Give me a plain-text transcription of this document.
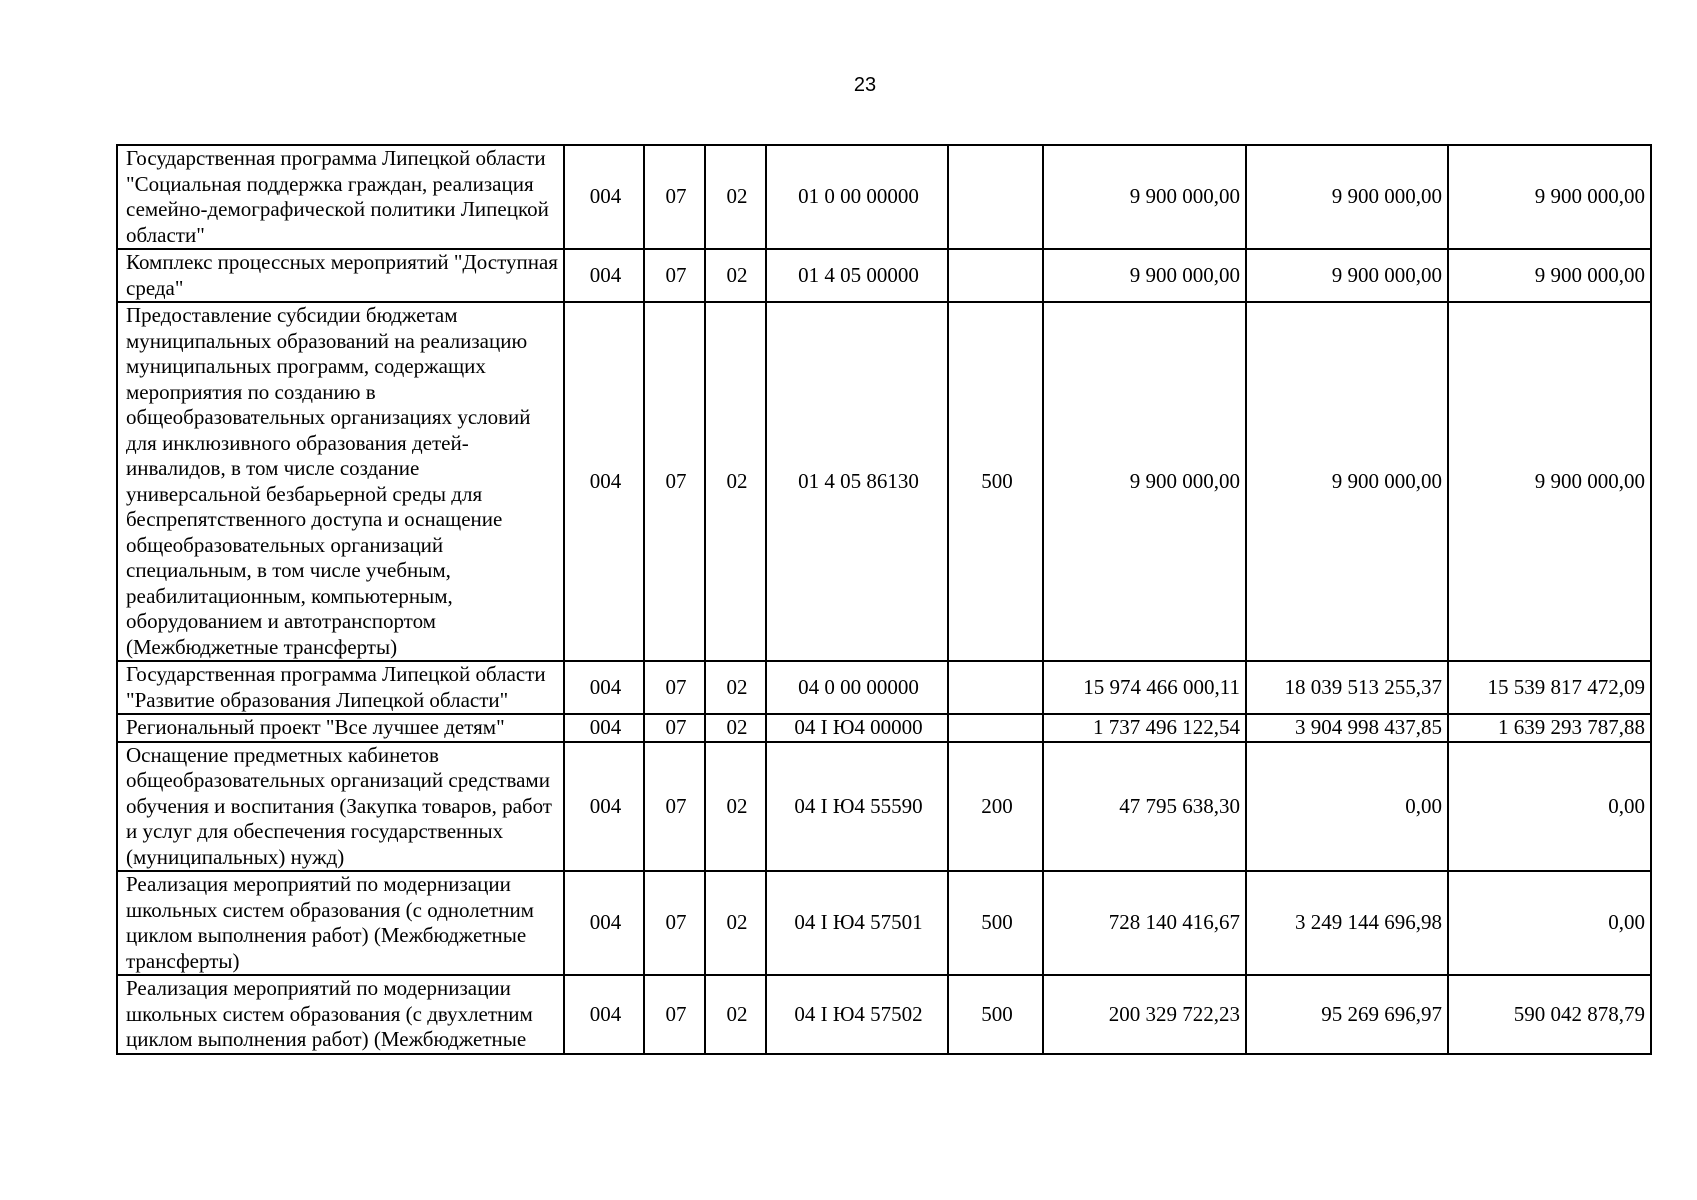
23
Государственная программа Липецкой области "Социальная поддержка граждан, реализация семейно-демографической политики Липецкой области"	004	07	02	01 0 00 00000		9 900 000,00	9 900 000,00	9 900 000,00
Комплекс процессных мероприятий "Доступная среда"	004	07	02	01 4 05 00000		9 900 000,00	9 900 000,00	9 900 000,00
Предоставление субсидии бюджетам муниципальных образований на реализацию муниципальных программ, содержащих мероприятия по созданию в общеобразовательных организациях условий для инклюзивного образования детей-инвалидов, в том числе создание универсальной безбарьерной среды для беспрепятственного доступа и оснащение общеобразовательных организаций специальным, в том числе учебным, реабилитационным, компьютерным, оборудованием и автотранспортом (Межбюджетные трансферты)	004	07	02	01 4 05 86130	500	9 900 000,00	9 900 000,00	9 900 000,00
Государственная программа Липецкой области "Развитие образования Липецкой области"	004	07	02	04 0 00 00000		15 974 466 000,11	18 039 513 255,37	15 539 817 472,09
Региональный проект "Все лучшее детям"	004	07	02	04 I Ю4 00000		1 737 496 122,54	3 904 998 437,85	1 639 293 787,88
Оснащение предметных кабинетов общеобразовательных организаций средствами обучения и воспитания (Закупка товаров, работ и услуг для обеспечения государственных (муниципальных) нужд)	004	07	02	04 I Ю4 55590	200	47 795 638,30	0,00	0,00
Реализация мероприятий по модернизации школьных систем образования (с однолетним циклом выполнения работ) (Межбюджетные трансферты)	004	07	02	04 I Ю4 57501	500	728 140 416,67	3 249 144 696,98	0,00

Реализация мероприятий по модернизации школьных систем образования (с двухлетним циклом выполнения работ) (Межбюджетные	004	07	02	04 I Ю4 57502	500	200 329 722,23	95 269 696,97	590 042 878,79
